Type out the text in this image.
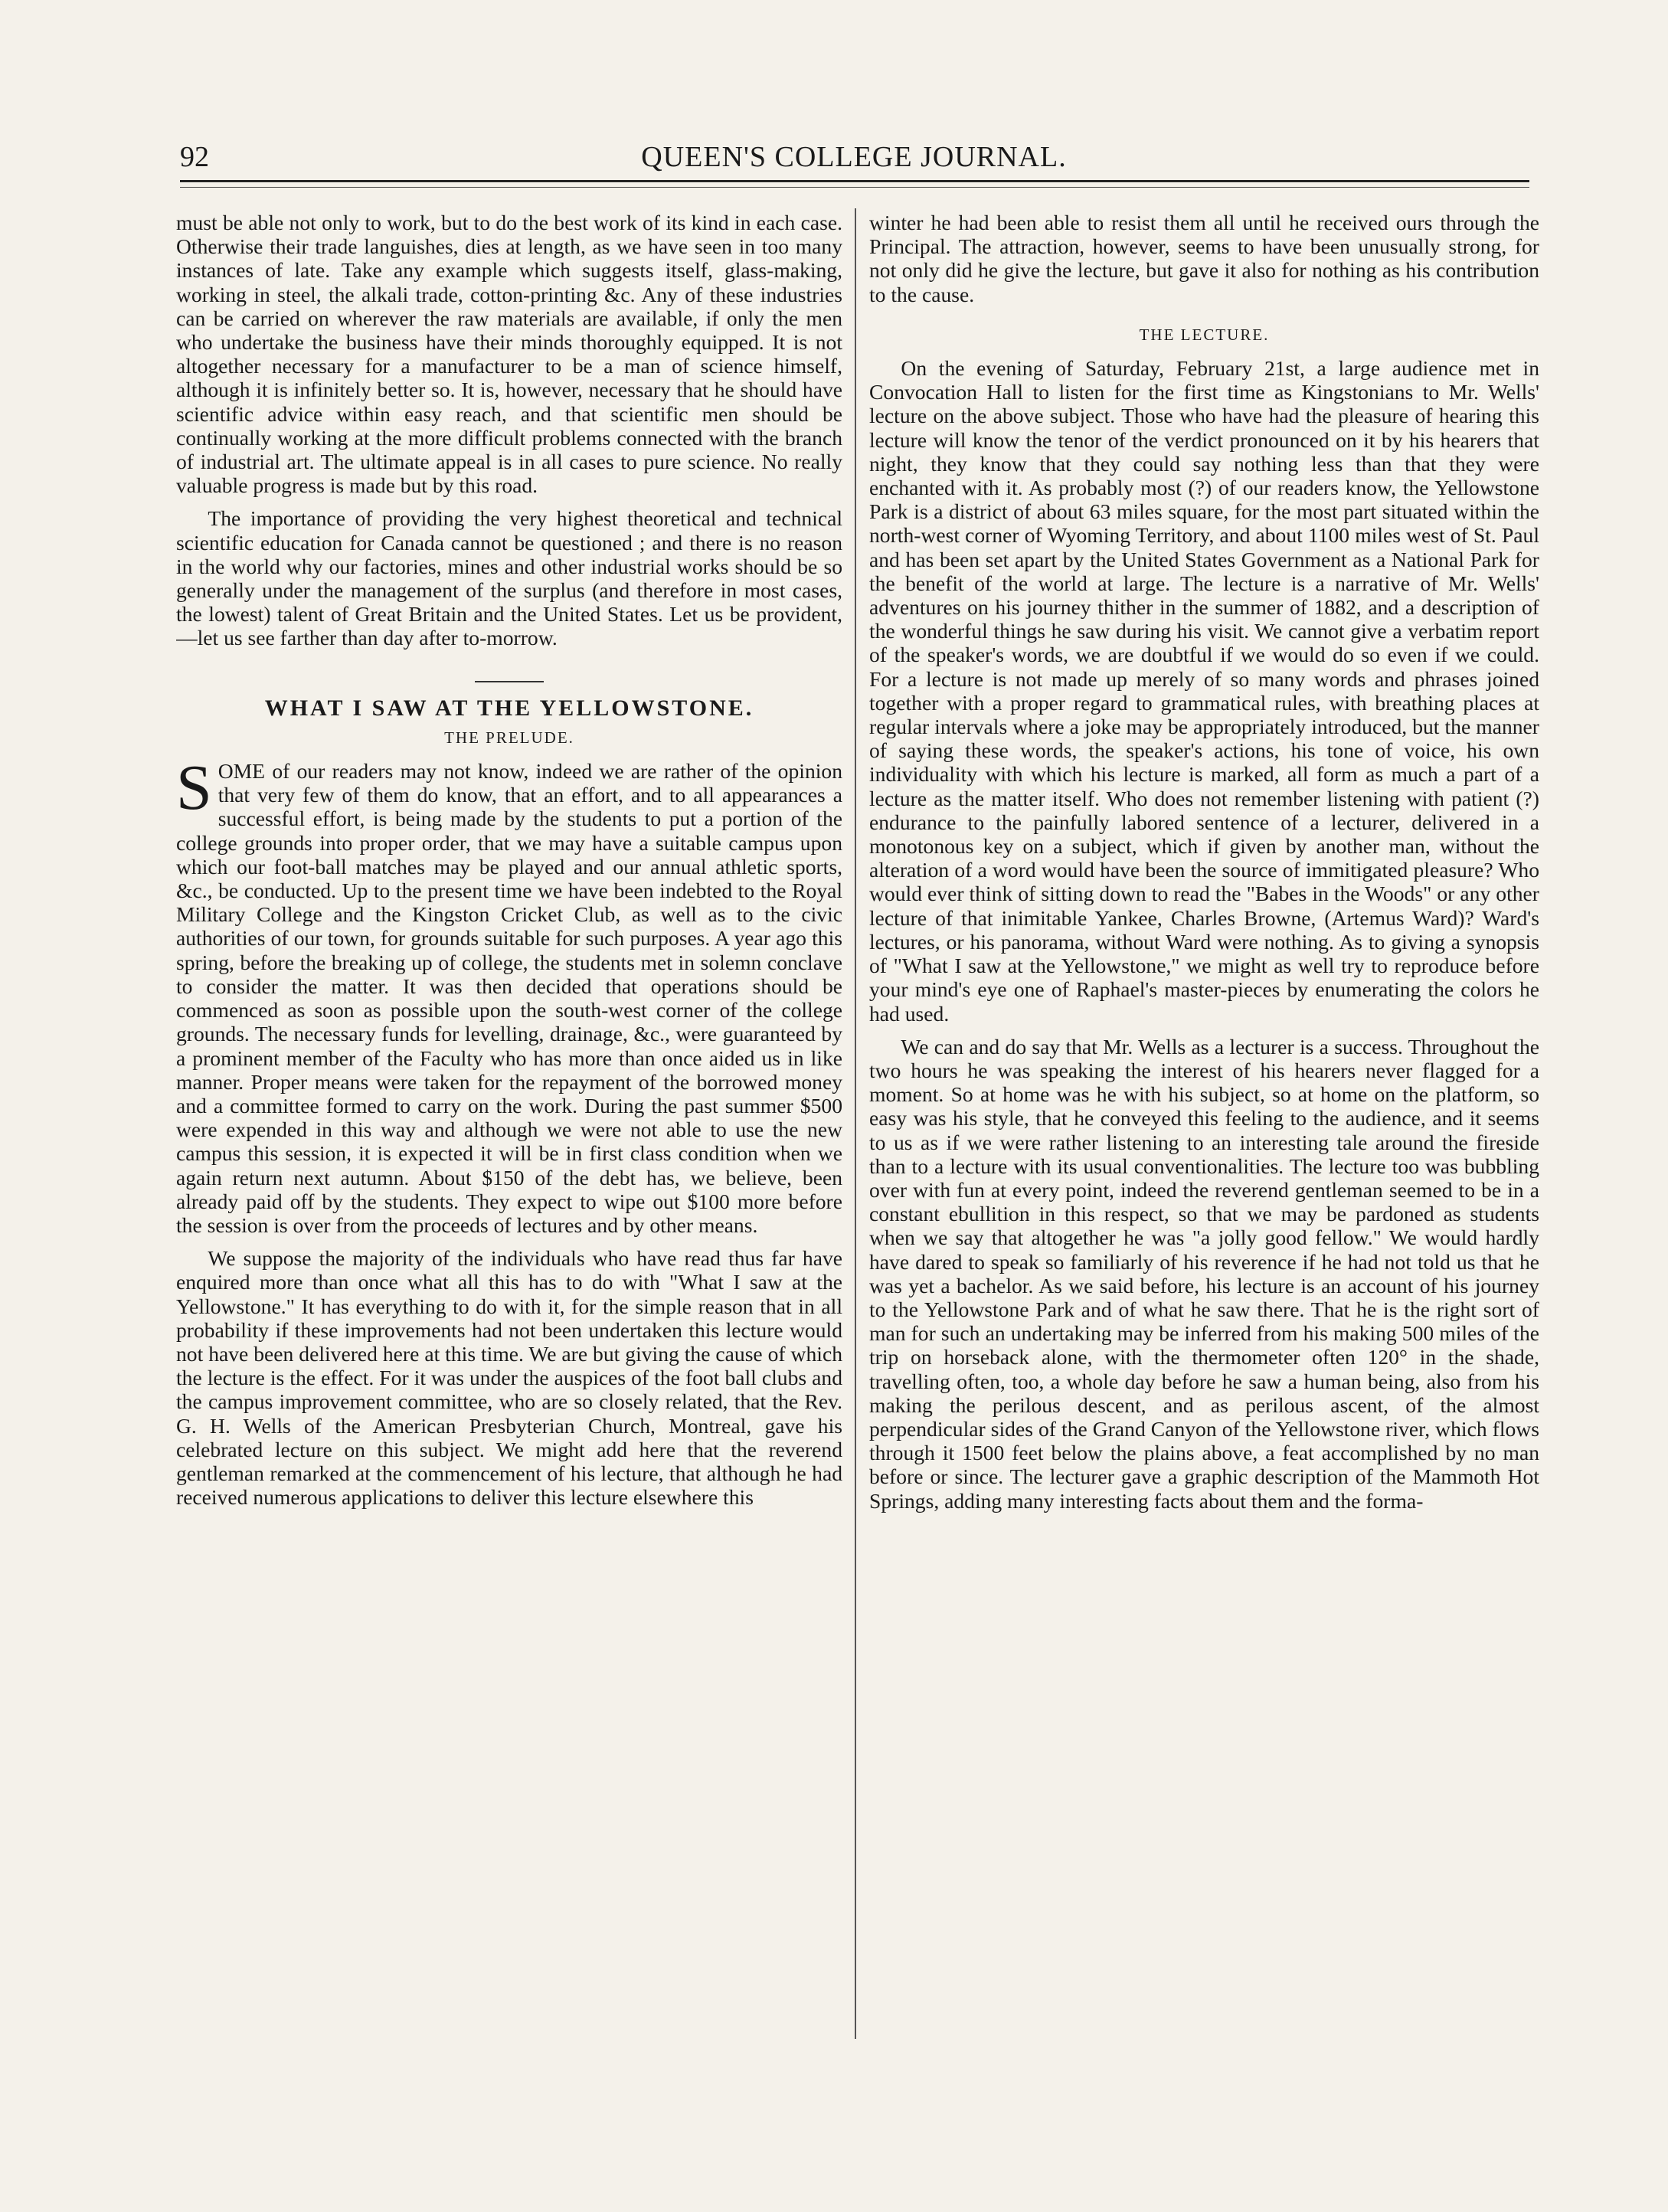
92	QUEEN'S COLLEGE JOURNAL.

must be able not only to work, but to do the best work of its kind in each case. Otherwise their trade languishes, dies at length, as we have seen in too many instances of late. Take any example which suggests itself, glass-making, working in steel, the alkali trade, cotton-printing &c. Any of these industries can be carried on wherever the raw materials are available, if only the men who undertake the business have their minds thoroughly equipped. It is not altogether necessary for a manufacturer to be a man of science himself, although it is infinitely better so. It is, however, necessary that he should have scientific advice within easy reach, and that scientific men should be continually working at the more difficult problems connected with the branch of industrial art. The ultimate appeal is in all cases to pure science. No really valuable progress is made but by this road.

The importance of providing the very highest theoretical and technical scientific education for Canada cannot be questioned ; and there is no reason in the world why our factories, mines and other industrial works should be so generally under the management of the surplus (and therefore in most cases, the lowest) talent of Great Britain and the United States. Let us be provident,—let us see farther than day after to-morrow.

WHAT I SAW AT THE YELLOWSTONE.
THE PRELUDE.

SOME of our readers may not know, indeed we are rather of the opinion that very few of them do know, that an effort, and to all appearances a successful effort, is being made by the students to put a portion of the college grounds into proper order, that we may have a suitable campus upon which our foot-ball matches may be played and our annual athletic sports, &c., be conducted. Up to the present time we have been indebted to the Royal Military College and the Kingston Cricket Club, as well as to the civic authorities of our town, for grounds suitable for such purposes. A year ago this spring, before the breaking up of college, the students met in solemn conclave to consider the matter. It was then decided that operations should be commenced as soon as possible upon the south-west corner of the college grounds. The necessary funds for levelling, drainage, &c., were guaranteed by a prominent member of the Faculty who has more than once aided us in like manner. Proper means were taken for the repayment of the borrowed money and a committee formed to carry on the work. During the past summer $500 were expended in this way and although we were not able to use the new campus this session, it is expected it will be in first class condition when we again return next autumn. About $150 of the debt has, we believe, been already paid off by the students. They expect to wipe out $100 more before the session is over from the proceeds of lectures and by other means.

We suppose the majority of the individuals who have read thus far have enquired more than once what all this has to do with "What I saw at the Yellowstone." It has everything to do with it, for the simple reason that in all probability if these improvements had not been undertaken this lecture would not have been delivered here at this time. We are but giving the cause of which the lecture is the effect. For it was under the auspices of the foot ball clubs and the campus improvement committee, who are so closely related, that the Rev. G. H. Wells of the American Presbyterian Church, Montreal, gave his celebrated lecture on this subject. We might add here that the reverend gentleman remarked at the commencement of his lecture, that although he had received numerous applications to deliver this lecture elsewhere this

winter he had been able to resist them all until he received ours through the Principal. The attraction, however, seems to have been unusually strong, for not only did he give the lecture, but gave it also for nothing as his contribution to the cause.

THE LECTURE.

On the evening of Saturday, February 21st, a large audience met in Convocation Hall to listen for the first time as Kingstonians to Mr. Wells' lecture on the above subject. Those who have had the pleasure of hearing this lecture will know the tenor of the verdict pronounced on it by his hearers that night, they know that they could say nothing less than that they were enchanted with it. As probably most (?) of our readers know, the Yellowstone Park is a district of about 63 miles square, for the most part situated within the north-west corner of Wyoming Territory, and about 1100 miles west of St. Paul and has been set apart by the United States Government as a National Park for the benefit of the world at large. The lecture is a narrative of Mr. Wells' adventures on his journey thither in the summer of 1882, and a description of the wonderful things he saw during his visit. We cannot give a verbatim report of the speaker's words, we are doubtful if we would do so even if we could. For a lecture is not made up merely of so many words and phrases joined together with a proper regard to grammatical rules, with breathing places at regular intervals where a joke may be appropriately introduced, but the manner of saying these words, the speaker's actions, his tone of voice, his own individuality with which his lecture is marked, all form as much a part of a lecture as the matter itself. Who does not remember listening with patient (?) endurance to the painfully labored sentence of a lecturer, delivered in a monotonous key on a subject, which if given by another man, without the alteration of a word would have been the source of immitigated pleasure? Who would ever think of sitting down to read the "Babes in the Woods" or any other lecture of that inimitable Yankee, Charles Browne, (Artemus Ward)? Ward's lectures, or his panorama, without Ward were nothing. As to giving a synopsis of "What I saw at the Yellowstone," we might as well try to reproduce before your mind's eye one of Raphael's master-pieces by enumerating the colors he had used.

We can and do say that Mr. Wells as a lecturer is a success. Throughout the two hours he was speaking the interest of his hearers never flagged for a moment. So at home was he with his subject, so at home on the platform, so easy was his style, that he conveyed this feeling to the audience, and it seems to us as if we were rather listening to an interesting tale around the fireside than to a lecture with its usual conventionalities. The lecture too was bubbling over with fun at every point, indeed the reverend gentleman seemed to be in a constant ebullition in this respect, so that we may be pardoned as students when we say that altogether he was "a jolly good fellow." We would hardly have dared to speak so familiarly of his reverence if he had not told us that he was yet a bachelor. As we said before, his lecture is an account of his journey to the Yellowstone Park and of what he saw there. That he is the right sort of man for such an undertaking may be inferred from his making 500 miles of the trip on horseback alone, with the thermometer often 120° in the shade, travelling often, too, a whole day before he saw a human being, also from his making the perilous descent, and as perilous ascent, of the almost perpendicular sides of the Grand Canyon of the Yellowstone river, which flows through it 1500 feet below the plains above, a feat accomplished by no man before or since. The lecturer gave a graphic description of the Mammoth Hot Springs, adding many interesting facts about them and the forma-
